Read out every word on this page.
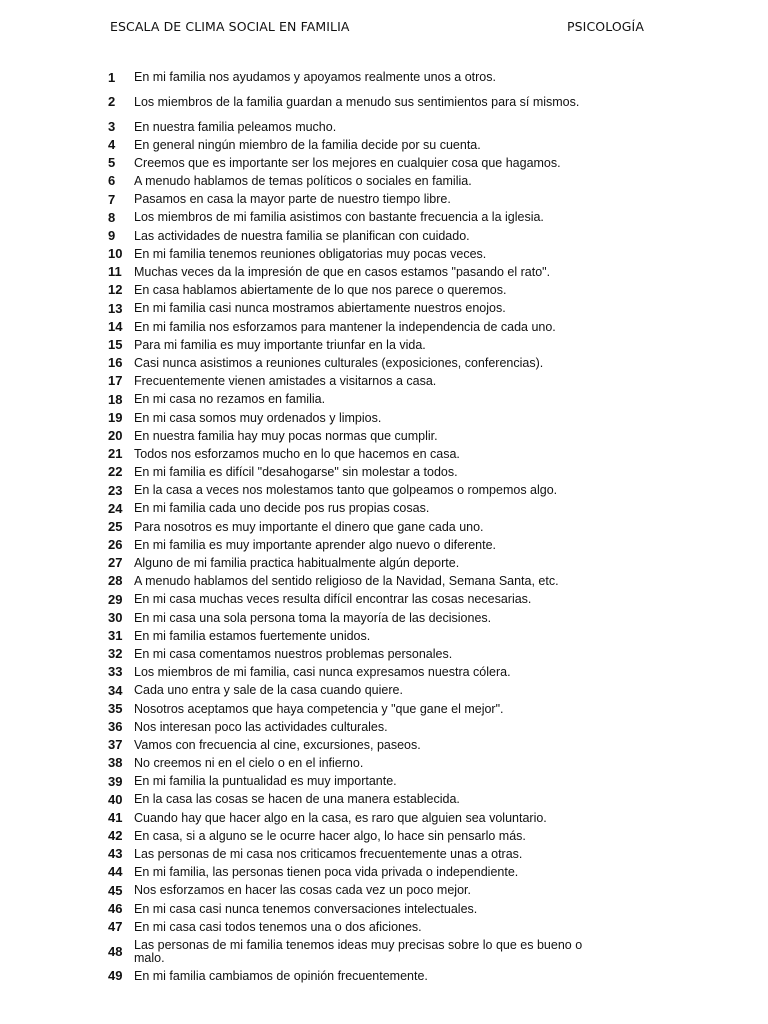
ESCALA DE CLIMA SOCIAL EN FAMILIA	PSICOLOGÍA
1	En mi familia nos ayudamos y apoyamos realmente unos a otros.
2	Los miembros de la familia guardan a menudo sus sentimientos para sí mismos.
3	En nuestra familia peleamos mucho.
4	En general ningún miembro de la familia decide por su cuenta.
5	Creemos que es importante ser los mejores en cualquier cosa que hagamos.
6	A menudo hablamos de temas políticos o sociales en familia.
7	Pasamos en casa la mayor parte de nuestro tiempo libre.
8	Los miembros de mi familia asistimos con bastante frecuencia a la iglesia.
9	Las actividades de nuestra familia se planifican con cuidado.
10 En mi familia tenemos reuniones obligatorias muy pocas veces.
11 Muchas veces da la impresión de que en casos estamos "pasando el rato".
12 En casa hablamos abiertamente de lo que nos parece o queremos.
13 En mi familia casi nunca mostramos abiertamente nuestros enojos.
14 En mi familia nos esforzamos para mantener la independencia de cada uno.
15 Para mi familia es muy importante triunfar en la vida.
16 Casi nunca asistimos a reuniones culturales (exposiciones, conferencias).
17 Frecuentemente vienen amistades a visitarnos a casa.
18 En mi casa no rezamos en familia.
19 En mi casa somos muy ordenados y limpios.
20 En nuestra familia hay muy pocas normas que cumplir.
21 Todos nos esforzamos mucho en lo que hacemos en casa.
22 En mi familia es difícil "desahogarse" sin molestar a todos.
23 En la casa a veces nos molestamos tanto que golpeamos o rompemos algo.
24 En mi familia cada uno decide pos rus propias cosas.
25 Para nosotros es muy importante el dinero que gane cada uno.
26 En mi familia es muy importante aprender algo nuevo o diferente.
27 Alguno de mi familia practica habitualmente algún deporte.
28 A menudo hablamos del sentido religioso de la Navidad, Semana Santa, etc.
29 En mi casa muchas veces resulta difícil encontrar las cosas necesarias.
30 En mi casa una sola persona toma la mayoría de las decisiones.
31 En mi familia estamos fuertemente unidos.
32 En mi casa comentamos nuestros problemas personales.
33 Los miembros de mi familia, casi nunca expresamos nuestra cólera.
34 Cada uno entra y sale de la casa cuando quiere.
35 Nosotros aceptamos que haya competencia y "que gane el mejor".
36 Nos interesan poco las actividades culturales.
37 Vamos con frecuencia al cine, excursiones, paseos.
38 No creemos ni en el cielo o en el infierno.
39 En mi familia la puntualidad es muy importante.
40 En la casa las cosas se hacen de una manera establecida.
41 Cuando hay que hacer algo en la casa, es raro que alguien sea voluntario.
42 En casa, si a alguno se le ocurre hacer algo, lo hace sin pensarlo más.
43 Las personas de mi casa nos criticamos frecuentemente unas a otras.
44 En mi familia, las personas tienen poca vida privada o independiente.
45 Nos esforzamos en hacer las cosas cada vez un poco mejor.
46 En mi casa casi nunca tenemos conversaciones intelectuales.
47 En mi casa casi todos tenemos una o dos aficiones.
48 Las personas de mi familia tenemos ideas muy precisas sobre lo que es bueno o malo.
49 En mi familia cambiamos de opinión frecuentemente.
